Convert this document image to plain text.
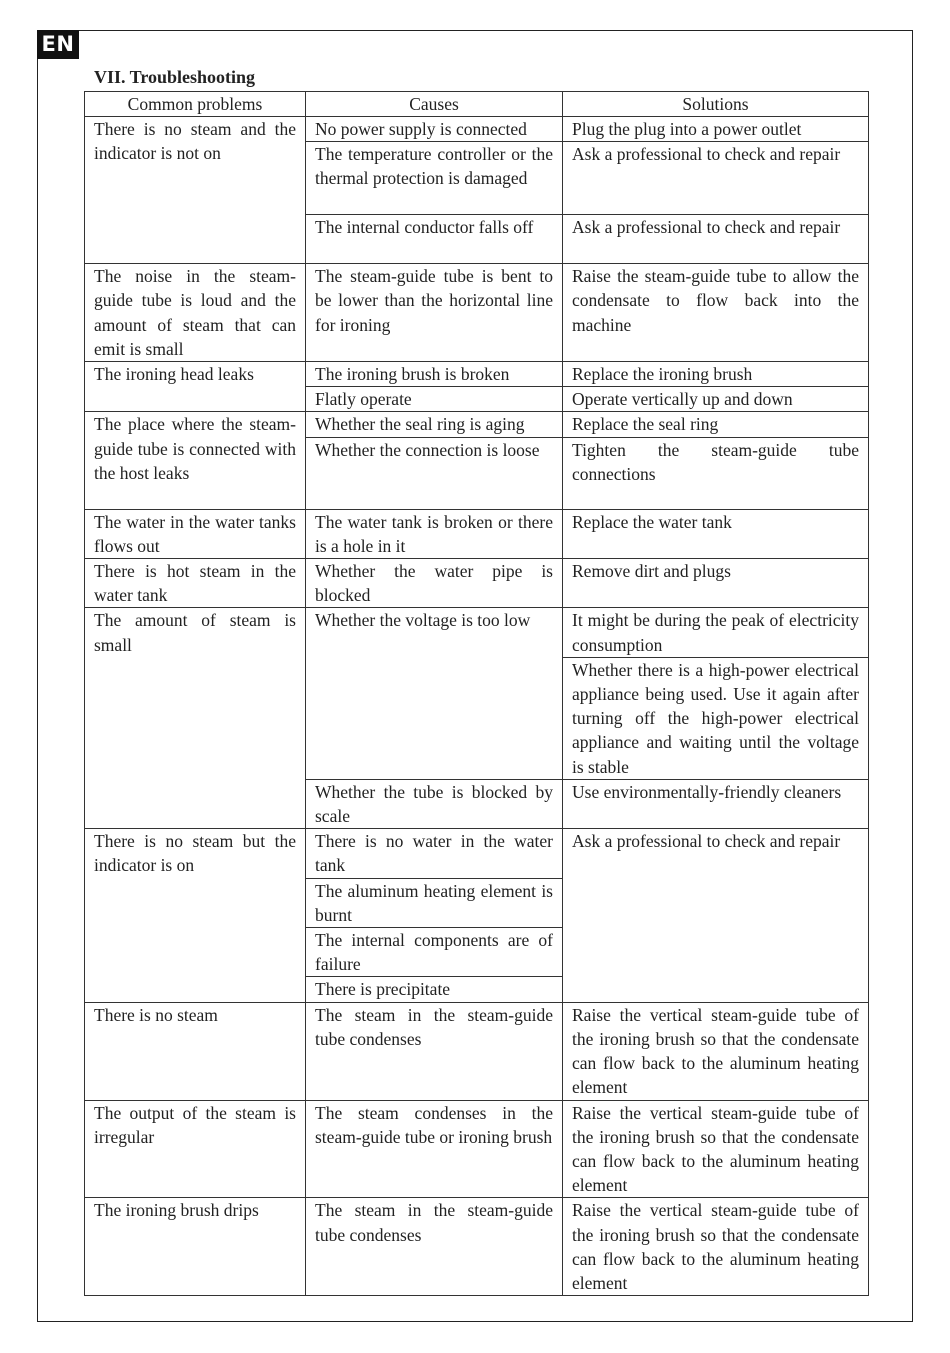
EN
VII. Troubleshooting
Common problems	Causes	Solutions
There is no steam and the indicator is not on	No power supply is connected	Plug the plug into a power outlet
	The temperature controller or the thermal protection is damaged	Ask a professional to check and repair
	The internal conductor falls off	Ask a professional to check and repair
The noise in the steam-guide tube is loud and the amount of steam that can emit is small	The steam-guide tube is bent to be lower than the horizontal line for ironing	Raise the steam-guide tube to allow the condensate to flow back into the machine
The ironing head leaks	The ironing brush is broken	Replace the ironing brush
	Flatly operate	Operate vertically up and down
The place where the steam-guide tube is connected with the host leaks	Whether the seal ring is aging	Replace the seal ring
	Whether the connection is loose	Tighten the steam-guide tube connections
The water in the water tanks flows out	The water tank is broken or there is a hole in it	Replace the water tank
There is hot steam in the water tank	Whether the water pipe is blocked	Remove dirt and plugs
The amount of steam is small	Whether the voltage is too low	It might be during the peak of electricity consumption
		Whether there is a high-power electrical appliance being used. Use it again after turning off the high-power electrical appliance and waiting until the voltage is stable
	Whether the tube is blocked by scale	Use environmentally-friendly cleaners
There is no steam but the indicator is on	There is no water in the water tank	Ask a professional to check and repair
	The aluminum heating element is burnt	
	The internal components are of failure	
	There is precipitate	
There is no steam	The steam in the steam-guide tube condenses	Raise the vertical steam-guide tube of the ironing brush so that the condensate can flow back to the aluminum heating element
The output of the steam is irregular	The steam condenses in the steam-guide tube or ironing brush	Raise the vertical steam-guide tube of the ironing brush so that the condensate can flow back to the aluminum heating element
The ironing brush drips	The steam in the steam-guide tube condenses	Raise the vertical steam-guide tube of the ironing brush so that the condensate can flow back to the aluminum heating element
